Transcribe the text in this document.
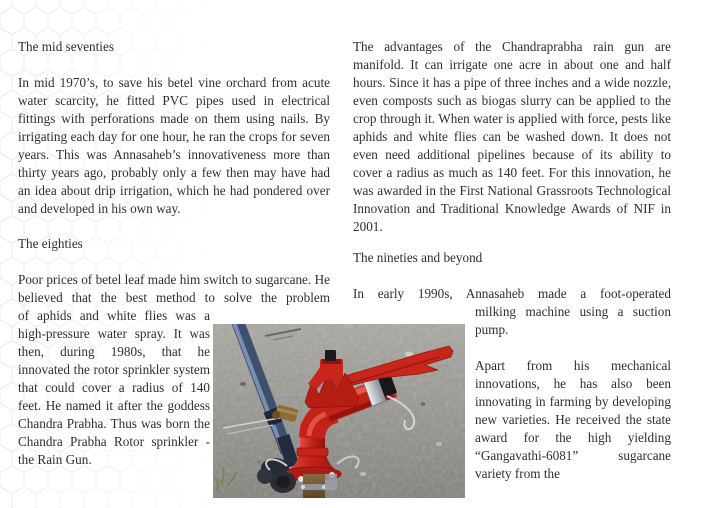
The mid seventies

In mid 1970’s, to save his betel vine orchard from acute water scarcity, he fitted PVC pipes used in electrical fittings with perforations made on them using nails. By irrigating each day for one hour, he ran the crops for seven years. This was Annasaheb’s innovativeness more than thirty years ago, probably only a few then may have had an idea about drip irrigation, which he had pondered over and developed in his own way.

The eighties

Poor prices of betel leaf made him switch to sugarcane. He believed that the best method to solve the problem

of aphids and white flies was a high-pressure water spray. It was then, during 1980s, that he innovated the rotor sprinkler system that could cover a radius of 140 feet. He named it after the goddess Chandra Prabha. Thus was born the Chandra Prabha Rotor sprinkler - the Rain Gun.

The advantages of the Chandraprabha rain gun are manifold. It can irrigate one acre in about one and half hours. Since it has a pipe of three inches and a wide nozzle, even composts such as biogas slurry can be applied to the crop through it. When water is applied with force, pests like aphids and white flies can be washed down. It does not even need additional pipelines because of its ability to cover a radius as much as 140 feet. For this innovation, he was awarded in the First National Grassroots Technological Innovation and Traditional Knowledge Awards of NIF in 2001.

The nineties and beyond

In early 1990s, Annasaheb made a foot-operated

milking machine using a suction pump.

Apart from his mechanical innovations, he has also been innovating in farming by developing new varieties. He received the state award for the high yielding “Gangavathi-6081” sugarcane variety from the
